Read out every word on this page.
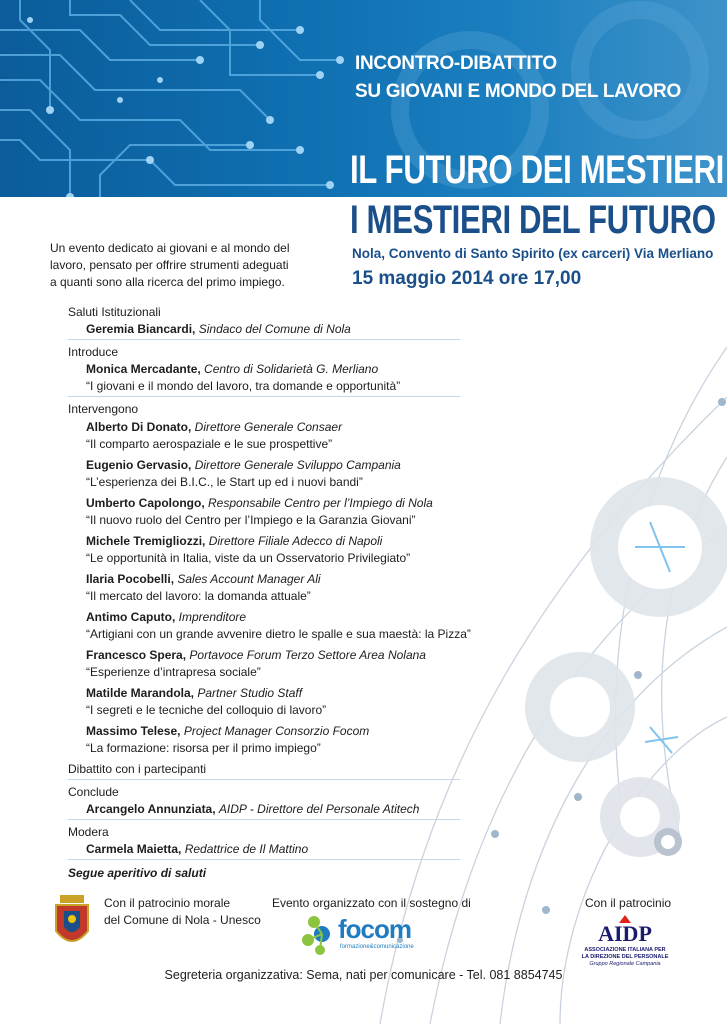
INCONTRO-DIBATTITO
SU GIOVANI E MONDO DEL LAVORO
IL FUTURO DEI MESTIERI
I MESTIERI DEL FUTURO
Nola, Convento di Santo Spirito (ex carceri) Via Merliano
15 maggio 2014 ore 17,00
Un evento dedicato ai giovani e al mondo del lavoro, pensato per offrire strumenti adeguati a quanti sono alla ricerca del primo impiego.
Saluti Istituzionali
Geremia Biancardi, Sindaco del Comune di Nola
Introduce
Monica Mercadante, Centro di Solidarietà G. Merliano
“I giovani e il mondo del lavoro, tra domande e opportunità”
Intervengono
Alberto Di Donato, Direttore Generale Consaer
“Il comparto aerospaziale e le sue prospettive”
Eugenio Gervasio, Direttore Generale Sviluppo Campania
“L’esperienza dei B.I.C., le Start up ed i nuovi bandi”
Umberto Capolongo, Responsabile Centro per l’Impiego di Nola
“Il nuovo ruolo del Centro per l’Impiego e la Garanzia Giovani”
Michele Tremigliozzi, Direttore Filiale Adecco di Napoli
“Le opportunità in Italia, viste da un Osservatorio Privilegiato”
Ilaria Pocobelli, Sales Account Manager Ali
“Il mercato del lavoro: la domanda attuale”
Antimo Caputo, Imprenditore
“Artigiani con un grande avvenire dietro le spalle e sua maestà: la Pizza”
Francesco Spera, Portavoce Forum Terzo Settore Area Nolana
“Esperienze d’intrapresa sociale”
Matilde Marandola, Partner Studio Staff
“I segreti e le tecniche del colloquio di lavoro”
Massimo Telese, Project Manager Consorzio Focom
“La formazione: risorsa per il primo impiego”
Dibattito con i partecipanti
Conclude
Arcangelo Annunziata, AIDP - Direttore del Personale Atitech
Modera
Carmela Maietta, Redattrice de Il Mattino
Segue aperitivo di saluti
Con il patrocinio morale
del Comune di Nola - Unesco
Evento organizzato con il sostegno di
focom
formazione&comunicazione
Con il patrocinio
AIDP
ASSOCIAZIONE ITALIANA PER
LA DIREZIONE DEL PERSONALE
Gruppo Regionale Campania
Segreteria organizzativa: Sema, nati per comunicare - Tel. 081 8854745
